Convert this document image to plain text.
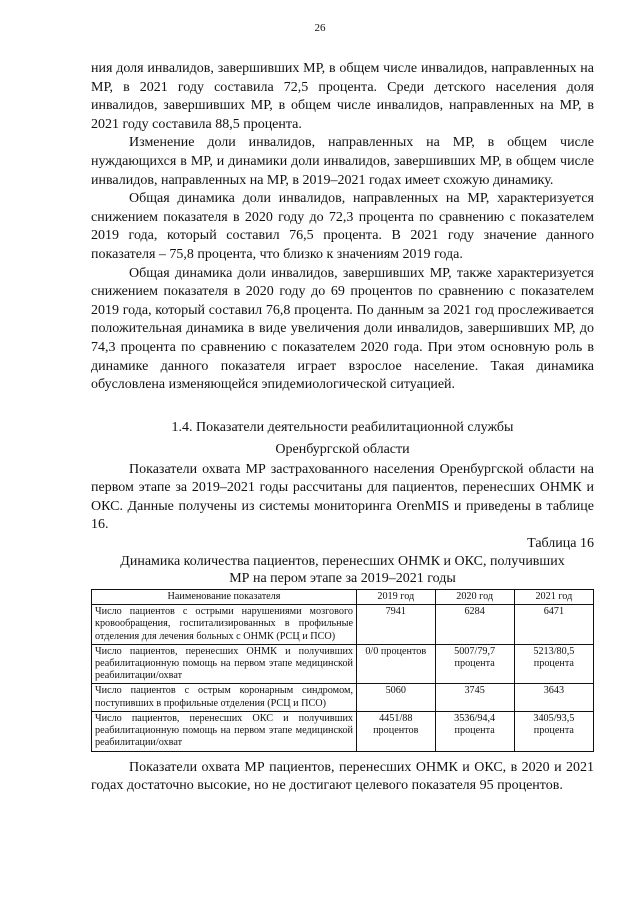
26

ния доля инвалидов, завершивших МР, в общем числе инвалидов, направленных на МР, в 2021 году составила 72,5 процента. Среди детского населения доля инвалидов, завершивших МР, в общем числе инвалидов, направленных на МР, в 2021 году составила 88,5 процента.

Изменение доли инвалидов, направленных на МР, в общем числе нуждающихся в МР, и динамики доли инвалидов, завершивших МР, в общем числе инвалидов, направленных на МР, в 2019–2021 годах имеет схожую динамику.

Общая динамика доли инвалидов, направленных на МР, характеризуется снижением показателя в 2020 году до 72,3 процента по сравнению с показателем 2019 года, который составил 76,5 процента. В 2021 году значение данного показателя – 75,8 процента, что близко к значениям 2019 года.

Общая динамика доли инвалидов, завершивших МР, также характеризуется снижением показателя в 2020 году до 69 процентов по сравнению с показателем 2019 года, который составил 76,8 процента. По данным за 2021 год прослеживается положительная динамика в виде увеличения доли инвалидов, завершивших МР, до 74,3 процента по сравнению с показателем 2020 года. При этом основную роль в динамике данного показателя играет взрослое население. Такая динамика обусловлена изменяющейся эпидемиологической ситуацией.

1.4. Показатели деятельности реабилитационной службы
Оренбургской области

Показатели охвата МР застрахованного населения Оренбургской области на первом этапе за 2019–2021 годы рассчитаны для пациентов, перенесших ОНМК и ОКС. Данные получены из системы мониторинга OrenMIS и приведены в таблице 16.

Таблица 16

Динамика количества пациентов, перенесших ОНМК и ОКС, получивших

МР на пером этапе за 2019–2021 годы

Наименование показателя	2019 год	2020 год	2021 год
Число пациентов с острыми нарушениями мозгового кровообращения, госпитализированных в профильные отделения для лечения больных с ОНМК (РСЦ и ПСО)	7941	6284	6471
Число пациентов, перенесших ОНМК и получивших реабилитационную помощь на первом этапе медицинской реабилитации/охват	0/0 процентов	5007/79,7 процента	5213/80,5 процента
Число пациентов с острым коронарным синдромом, поступивших в профильные отделения (РСЦ и ПСО)	5060	3745	3643
Число пациентов, перенесших ОКС и получивших реабилитационную помощь на первом этапе медицинской реабилитации/охват	4451/88 процентов	3536/94,4 процента	3405/93,5 процента

Показатели охвата МР пациентов, перенесших ОНМК и ОКС, в 2020 и 2021 годах достаточно высокие, но не достигают целевого показателя 95 процентов.
